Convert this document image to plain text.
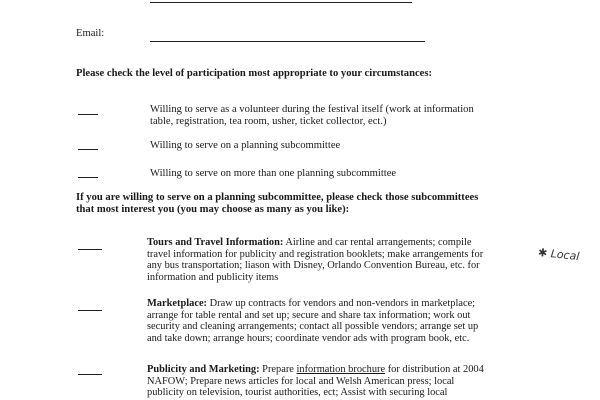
Email:
Please check the level of participation most appropriate to your circumstances:
Willing to serve as a volunteer during the festival itself (work at information
table, registration, tea room, usher, ticket collector, ect.)
Willing to serve on a planning subcommittee
Willing to serve on more than one planning subcommittee
If you are willing to serve on a planning subcommittee, please check those subcommittees
that most interest you (you may choose as many as you like):
Tours and Travel Information: Airline and car rental arrangements; compile
travel information for publicity and registration booklets; make arrangements for
any bus transportation; liason with Disney, Orlando Convention Bureau, etc. for
information and publicity items
✱ Local
Marketplace: Draw up contracts for vendors and non-vendors in marketplace;
arrange for table rental and set up; secure and share tax information; work out
security and cleaning arrangements; contact all possible vendors; arrange set up
and take down; arrange hours; coordinate vendor ads with program book, etc.
Publicity and Marketing: Prepare information brochure for distribution at 2004
NAFOW; Prepare news articles for local and Welsh American press; local
publicity on television, tourist authorities, ect; Assist with securing local
